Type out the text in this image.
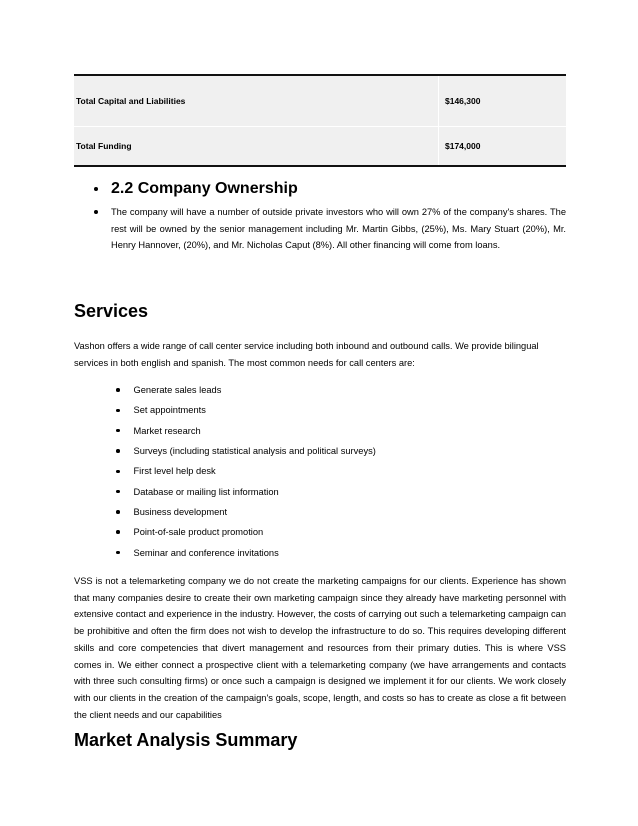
Total Capital and Liabilities	$146,300
Total Funding	$174,000
2.2 Company Ownership
The company will have a number of outside private investors who will own 27% of the company's shares. The rest will be owned by the senior management including Mr. Martin Gibbs, (25%), Ms. Mary Stuart (20%), Mr. Henry Hannover, (20%), and Mr. Nicholas Caput (8%). All other financing will come from loans.
Services
Vashon offers a wide range of call center service including both inbound and outbound calls. We provide bilingual services in both english and spanish. The most common needs for call centers are:
Generate sales leads
Set appointments
Market research
Surveys (including statistical analysis and political surveys)
First level help desk
Database or mailing list information
Business development
Point-of-sale product promotion
Seminar and conference invitations
VSS is not a telemarketing company we do not create the marketing campaigns for our clients. Experience has shown that many companies desire to create their own marketing campaign since they already have marketing personnel with extensive contact and experience in the industry. However, the costs of carrying out such a telemarketing campaign can be prohibitive and often the firm does not wish to develop the infrastructure to do so. This requires developing different skills and core competencies that divert management and resources from their primary duties. This is where VSS comes in. We either connect a prospective client with a telemarketing company (we have arrangements and contacts with three such consulting firms) or once such a campaign is designed we implement it for our clients. We work closely with our clients in the creation of the campaign's goals, scope, length, and costs so has to create as close a fit between the client needs and our capabilities
Market Analysis Summary
